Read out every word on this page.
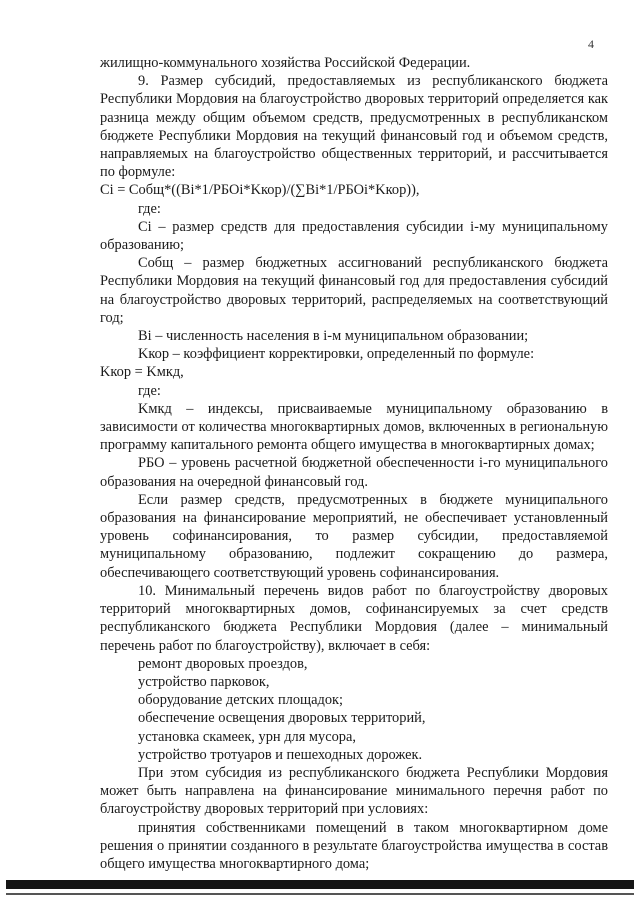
4

жилищно-коммунального хозяйства Российской Федерации.

9. Размер субсидий, предоставляемых из республиканского бюджета Республики Мордовия на благоустройство дворовых территорий определяется как разница между общим объемом средств, предусмотренных в республиканском бюджете Республики Мордовия на текущий финансовый год и объемом средств, направляемых на благоустройство общественных территорий, и рассчитывается по формуле:

Ci = Cобщ*((Bi*1/РБОi*Kкор)/(∑Bi*1/РБОi*Kкор)),

где:

Ci – размер средств для предоставления субсидии i-му муниципальному образованию;

Cобщ – размер бюджетных ассигнований республиканского бюджета Республики Мордовия на текущий финансовый год для предоставления субсидий на благоустройство дворовых территорий, распределяемых на соответствующий год;

Bi – численность населения в i-м муниципальном образовании;

Kкор – коэффициент корректировки, определенный по формуле:

Kкор = Kмкд,

где:

Kмкд – индексы, присваиваемые муниципальному образованию в зависимости от количества многоквартирных домов, включенных в региональную программу капитального ремонта общего имущества в многоквартирных домах;

РБО – уровень расчетной бюджетной обеспеченности i-го муниципального образования на очередной финансовый год.

Если размер средств, предусмотренных в бюджете муниципального образования на финансирование мероприятий, не обеспечивает установленный уровень софинансирования, то размер субсидии, предоставляемой муниципальному образованию, подлежит сокращению до размера, обеспечивающего соответствующий уровень софинансирования.

10. Минимальный перечень видов работ по благоустройству дворовых территорий многоквартирных домов, софинансируемых за счет средств республиканского бюджета Республики Мордовия (далее – минимальный перечень работ по благоустройству), включает в себя:

ремонт дворовых проездов,

устройство парковок,

оборудование детских площадок;

обеспечение освещения дворовых территорий,

установка скамеек, урн для мусора,

устройство тротуаров и пешеходных дорожек.

При этом субсидия из республиканского бюджета Республики Мордовия может быть направлена на финансирование минимального перечня работ по благоустройству дворовых территорий при условиях:

принятия собственниками помещений в таком многоквартирном доме решения о принятии созданного в результате благоустройства имущества в состав общего имущества многоквартирного дома;
